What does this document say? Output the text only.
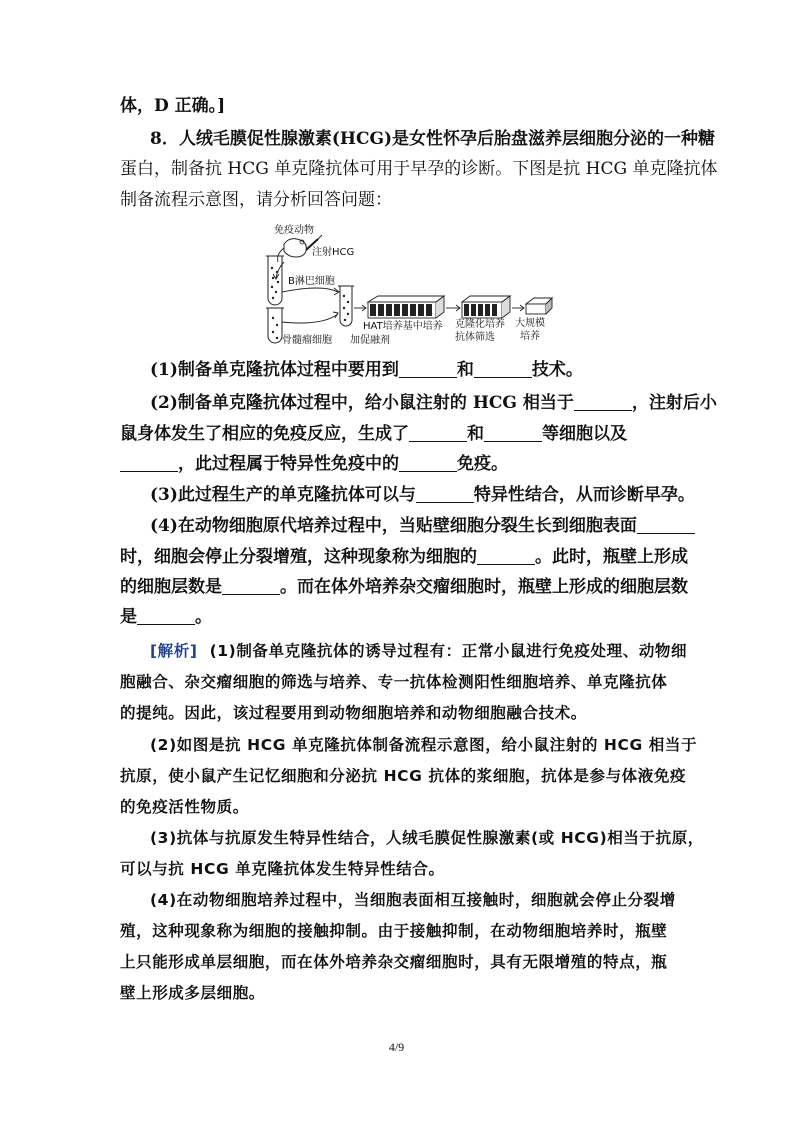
体，D 正确。]
8．人绒毛膜促性腺激素(HCG)是女性怀孕后胎盘滋养层细胞分泌的一种糖
蛋白，制备抗 HCG 单克隆抗体可用于早孕的诊断。下图是抗 HCG 单克隆抗体
制备流程示意图，请分析回答问题：
免疫动物
注射HCG
B淋巴细胞
骨髓瘤细胞 加促融剂
HAT培养基中培养 克隆化培养
抗体筛选
大规模
培养
(1)制备单克隆抗体过程中要用到	和	技术。
(2)制备单克隆抗体过程中，给小鼠注射的 HCG 相当于	，注射后小
鼠身体发生了相应的免疫反应，生成了	和	等细胞以及
，此过程属于特异性免疫中的	免疫。
(3)此过程生产的单克隆抗体可以与	特异性结合，从而诊断早孕。
(4)在动物细胞原代培养过程中，当贴壁细胞分裂生长到细胞表面
时，细胞会停止分裂增殖，这种现象称为细胞的	。此时，瓶壁上形成
的细胞层数是	。而在体外培养杂交瘤细胞时，瓶壁上形成的细胞层数
是	。
[解析] (1)制备单克隆抗体的诱导过程有：正常小鼠进行免疫处理、动物细
胞融合、杂交瘤细胞的筛选与培养、专一抗体检测阳性细胞培养、单克隆抗体
的提纯。因此，该过程要用到动物细胞培养和动物细胞融合技术。
(2)如图是抗 HCG 单克隆抗体制备流程示意图，给小鼠注射的 HCG 相当于
抗原，使小鼠产生记忆细胞和分泌抗 HCG 抗体的浆细胞，抗体是参与体液免疫
的免疫活性物质。
(3)抗体与抗原发生特异性结合，人绒毛膜促性腺激素(或 HCG)相当于抗原，
可以与抗 HCG 单克隆抗体发生特异性结合。
(4)在动物细胞培养过程中，当细胞表面相互接触时，细胞就会停止分裂增
殖，这种现象称为细胞的接触抑制。由于接触抑制，在动物细胞培养时，瓶壁
上只能形成单层细胞，而在体外培养杂交瘤细胞时，具有无限增殖的特点，瓶
壁上形成多层细胞。
4/9
